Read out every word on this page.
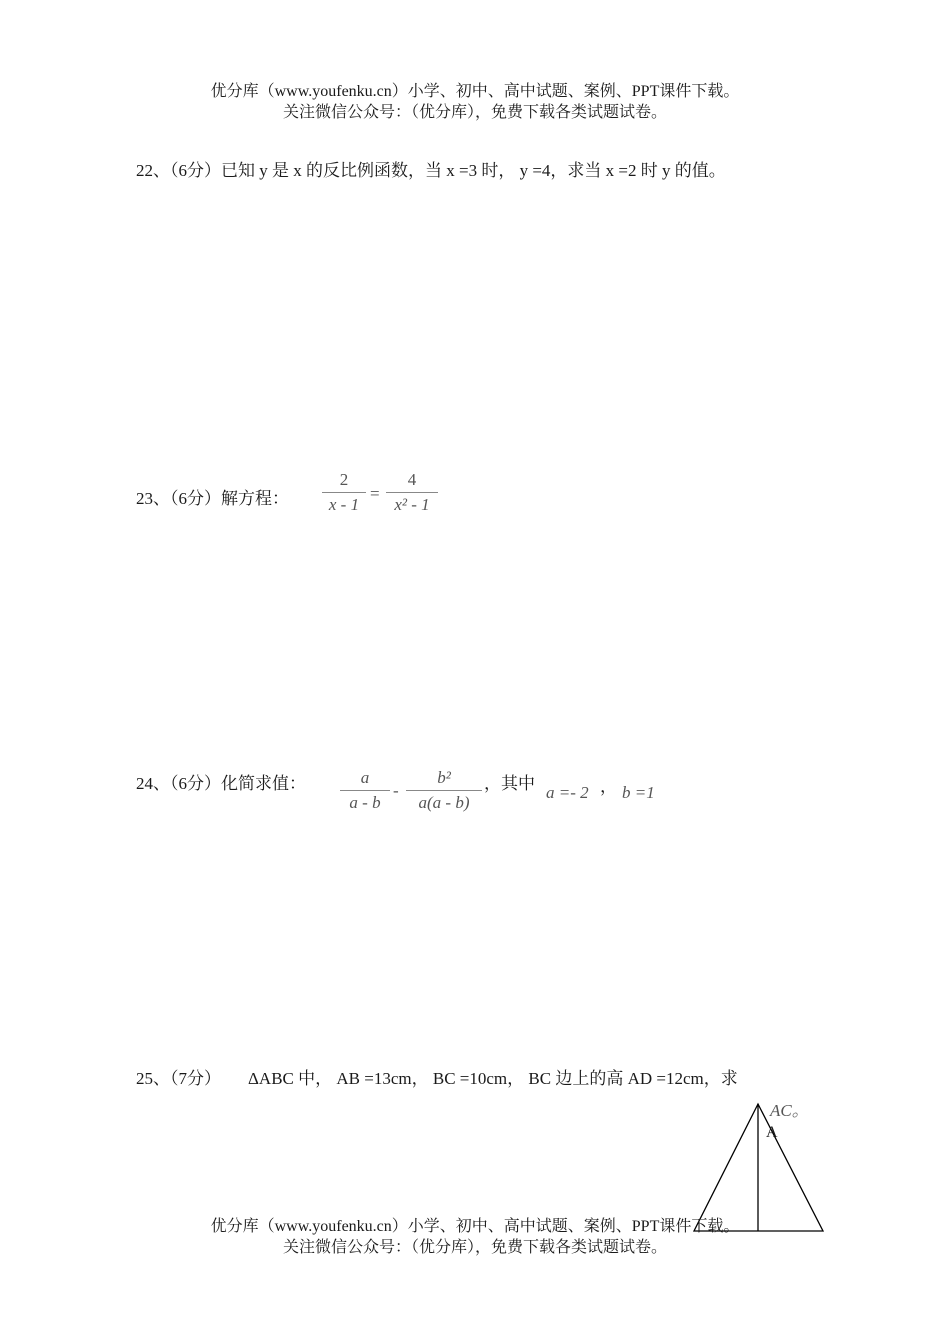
优分库（www.youfenku.cn）小学、初中、高中试题、案例、PPT课件下载。
关注微信公众号：（优分库），免费下载各类试题试卷。
22、（6分）已知 y 是 x 的反比例函数，当 x =3 时， y =4，求当 x =2 时 y 的值。
23、（6分）解方程：
2
x - 1
=
4
x² - 1
24、（6分）化简求值：	a
a - b
-
b²
a(a - b)
，其中 a =- 2 ， b =1
25、（7分） ΔABC 中， AB =13cm， BC =10cm， BC 边上的高 AD =12cm，求
AC。
A
优分库（www.youfenku.cn）小学、初中、高中试题、案例、PPT课件下载。
关注微信公众号：（优分库），免费下载各类试题试卷。
